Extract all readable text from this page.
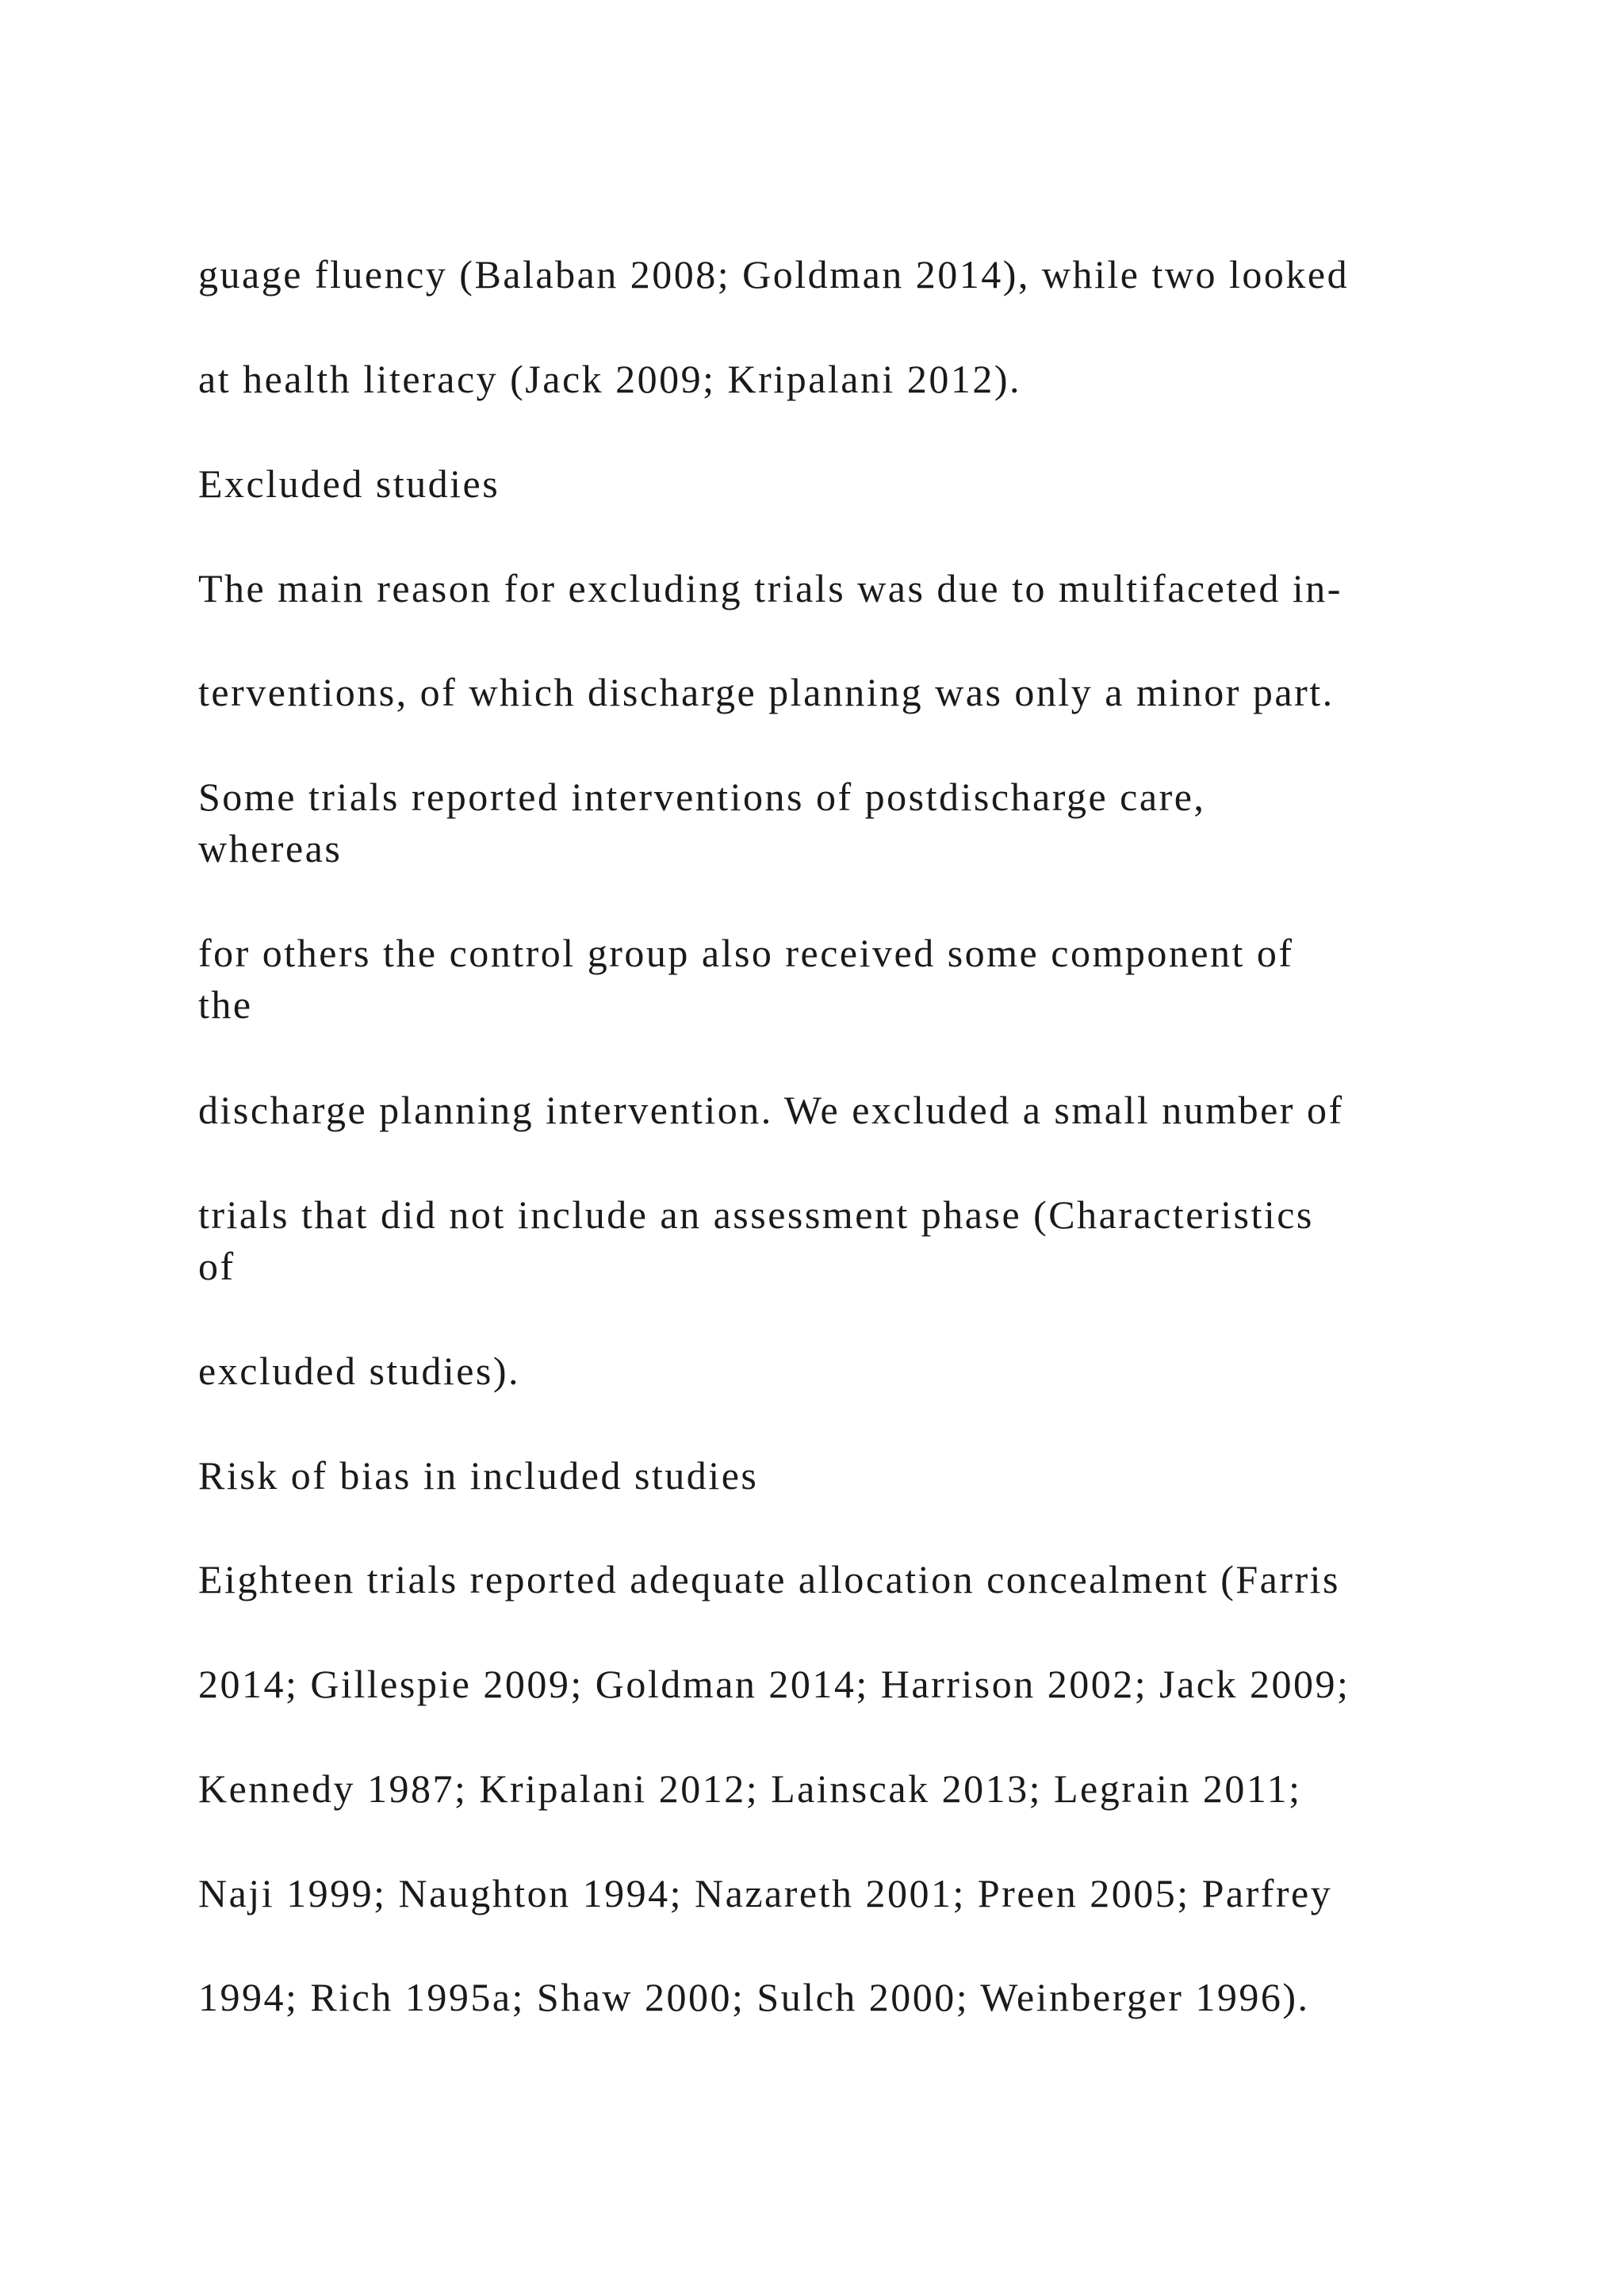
guage fluency (Balaban 2008; Goldman 2014), while two looked

at health literacy (Jack 2009; Kripalani 2012).

Excluded studies

The main reason for excluding trials was due to multifaceted in-

terventions, of which discharge planning was only a minor part.

Some trials reported interventions of postdischarge care,

whereas

for others the control group also received some component of

the

discharge planning intervention. We excluded a small number of

trials that did not include an assessment phase (Characteristics

of

excluded studies).

Risk of bias in included studies

Eighteen trials reported adequate allocation concealment (Farris

2014; Gillespie 2009; Goldman 2014; Harrison 2002; Jack 2009;

Kennedy 1987; Kripalani 2012; Lainscak 2013; Legrain 2011;

Naji 1999; Naughton 1994; Nazareth 2001; Preen 2005; Parfrey

1994; Rich 1995a; Shaw 2000; Sulch 2000; Weinberger 1996).
